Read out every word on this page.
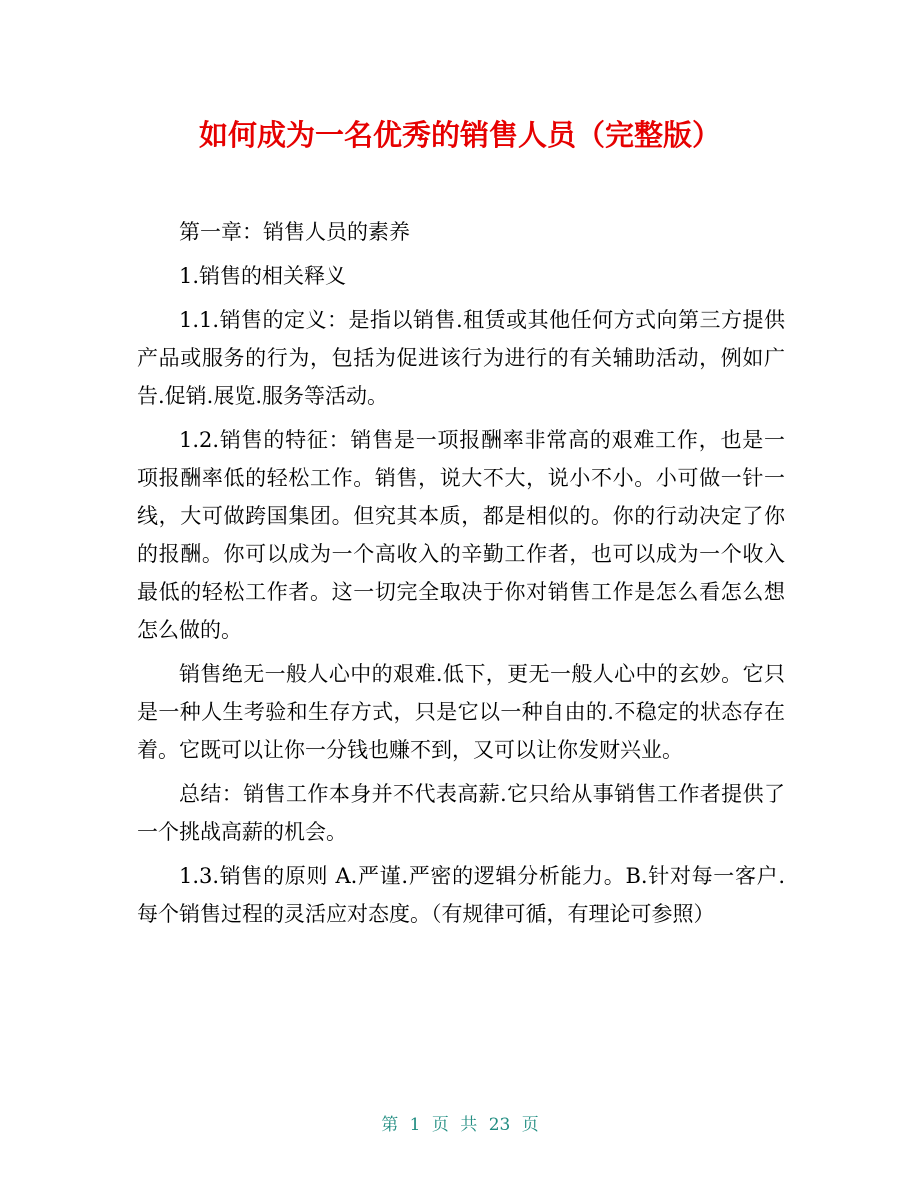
如何成为一名优秀的销售人员（完整版）

第一章：销售人员的素养

1.销售的相关释义

1.1.销售的定义：是指以销售.租赁或其他任何方式向第三方提供产品或服务的行为，包括为促进该行为进行的有关辅助活动，例如广告.促销.展览.服务等活动。

1.2.销售的特征：销售是一项报酬率非常高的艰难工作，也是一项报酬率低的轻松工作。销售，说大不大，说小不小。小可做一针一线，大可做跨国集团。但究其本质，都是相似的。你的行动决定了你的报酬。你可以成为一个高收入的辛勤工作者，也可以成为一个收入最低的轻松工作者。这一切完全取决于你对销售工作是怎么看怎么想怎么做的。

销售绝无一般人心中的艰难.低下，更无一般人心中的玄妙。它只是一种人生考验和生存方式，只是它以一种自由的.不稳定的状态存在着。它既可以让你一分钱也赚不到，又可以让你发财兴业。

总结：销售工作本身并不代表高薪.它只给从事销售工作者提供了一个挑战高薪的机会。

1.3.销售的原则 A.严谨.严密的逻辑分析能力。B.针对每一客户.每个销售过程的灵活应对态度。（有规律可循，有理论可参照）

第 1 页 共 23 页
